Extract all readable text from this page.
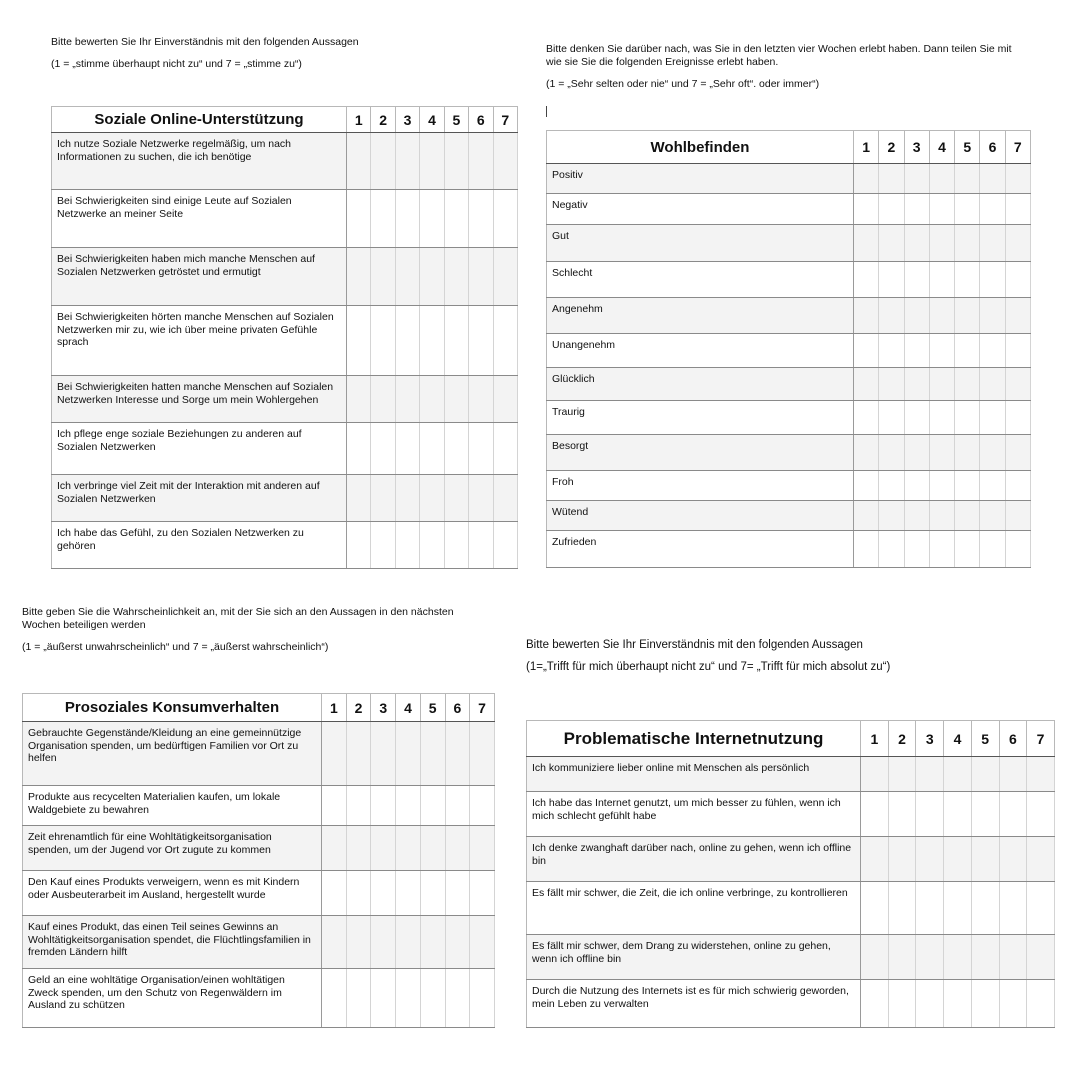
Bitte bewerten Sie Ihr Einverständnis mit den folgenden Aussagen

(1 = „stimme überhaupt nicht zu“ und 7 = „stimme zu“)

Bitte denken Sie darüber nach, was Sie in den letzten vier Wochen erlebt haben. Dann teilen Sie mit wie sie Sie die folgenden Ereignisse erlebt haben.

(1 = „Sehr selten oder nie“ und 7 = „Sehr oft“. oder immer“)

Bitte geben Sie die Wahrscheinlichkeit an, mit der Sie sich an den Aussagen in den nächsten Wochen beteiligen werden

(1 = „äußerst unwahrscheinlich“ und 7 = „äußerst wahrscheinlich“)	Bitte bewerten Sie Ihr Einverständnis mit den folgenden Aussagen

(1=„Trifft für mich überhaupt nicht zu“ und 7= „Trifft für mich absolut zu“)

Soziale Online-Unterstützung	1	2	3	4	5	6	7
Ich nutze Soziale Netzwerke regelmäßig, um nach Informationen zu suchen, die ich benötige							
Bei Schwierigkeiten sind einige Leute auf Sozialen Netzwerke an meiner Seite							
Bei Schwierigkeiten haben mich manche Menschen auf Sozialen Netzwerken getröstet und ermutigt							
Bei Schwierigkeiten hörten manche Menschen auf Sozialen Netzwerken mir zu, wie ich über meine privaten Gefühle sprach							
Bei Schwierigkeiten hatten manche Menschen auf Sozialen Netzwerken Interesse und Sorge um mein Wohlergehen							
Ich pflege enge soziale Beziehungen zu anderen auf Sozialen Netzwerken							
Ich verbringe viel Zeit mit der Interaktion mit anderen auf Sozialen Netzwerken							
Ich habe das Gefühl, zu den Sozialen Netzwerken zu gehören							
Wohlbefinden	1	2	3	4	5	6	7
Positiv							
Negativ							
Gut							
Schlecht							
Angenehm							
Unangenehm							
Glücklich							
Traurig							
Besorgt							
Froh							
Wütend							
Zufrieden							
Prosoziales Konsumverhalten	1	2	3	4	5	6	7
Gebrauchte Gegenstände/Kleidung an eine gemeinnützige Organisation spenden, um bedürftigen Familien vor Ort zu helfen							
Produkte aus recycelten Materialien kaufen, um lokale Waldgebiete zu bewahren							
Zeit ehrenamtlich für eine Wohltätigkeitsorganisation spenden, um der Jugend vor Ort zugute zu kommen							
Den Kauf eines Produkts verweigern, wenn es mit Kindern oder Ausbeuterarbeit im Ausland, hergestellt wurde							
Kauf eines Produkt, das einen Teil seines Gewinns an Wohltätigkeitsorganisation spendet, die Flüchtlingsfamilien in fremden Ländern hilft							
Geld an eine wohltätige Organisation/einen wohltätigen Zweck spenden, um den Schutz von Regenwäldern im Ausland zu schützen							
Problematische Internetnutzung	1	2	3	4	5	6	7
Ich kommuniziere lieber online mit Menschen als persönlich							
Ich habe das Internet genutzt, um mich besser zu fühlen, wenn ich mich schlecht gefühlt habe							
Ich denke zwanghaft darüber nach, online zu gehen, wenn ich offline bin							
Es fällt mir schwer, die Zeit, die ich online verbringe, zu kontrollieren							
Es fällt mir schwer, dem Drang zu widerstehen, online zu gehen, wenn ich offline bin							
Durch die Nutzung des Internets ist es für mich schwierig geworden, mein Leben zu verwalten							
